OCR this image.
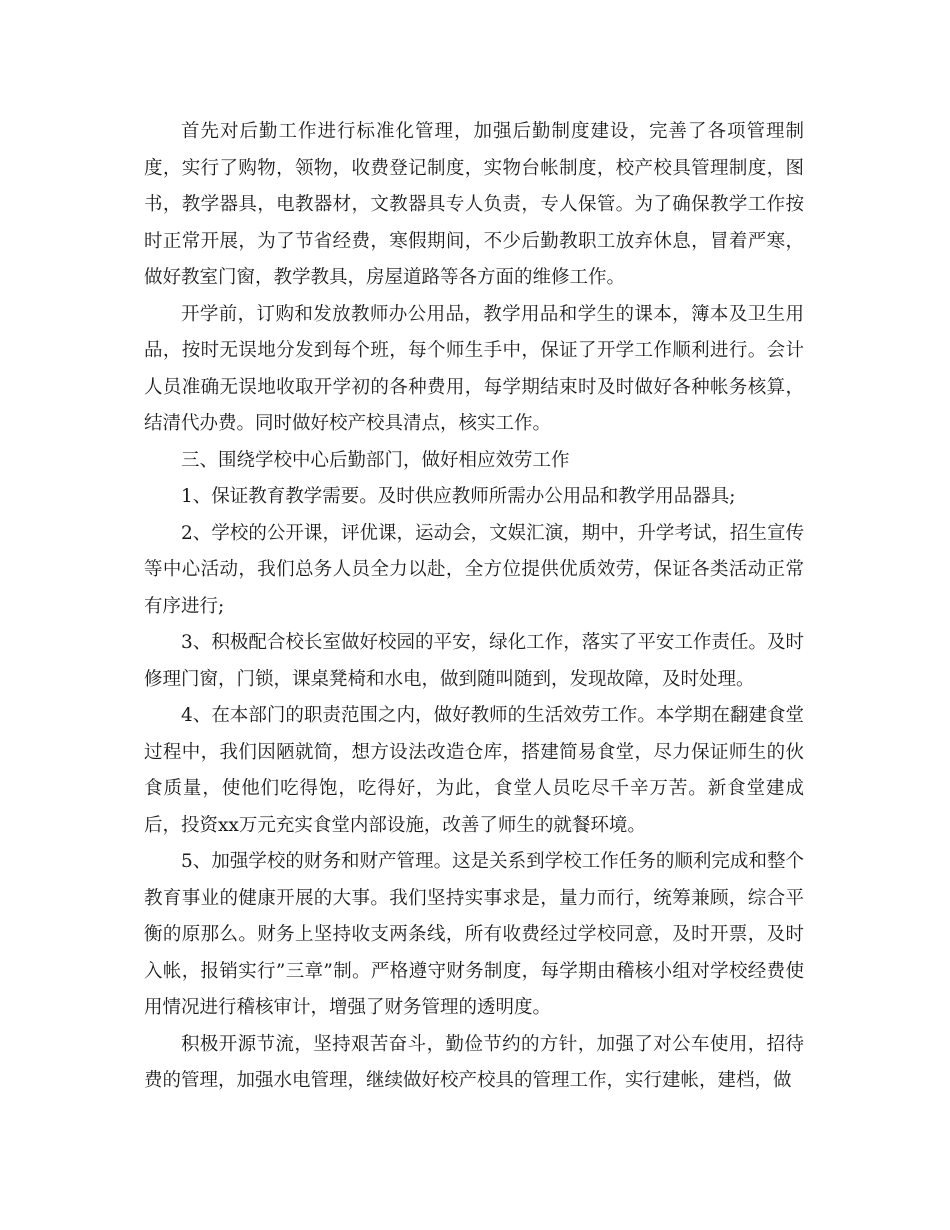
首先对后勤工作进行标准化管理，加强后勤制度建设，完善了各项管理制度，实行了购物，领物，收费登记制度，实物台帐制度，校产校具管理制度，图书，教学器具，电教器材，文教器具专人负责，专人保管。为了确保教学工作按时正常开展，为了节省经费，寒假期间，不少后勤教职工放弃休息，冒着严寒，做好教室门窗，教学教具，房屋道路等各方面的维修工作。

开学前，订购和发放教师办公用品，教学用品和学生的课本，簿本及卫生用品，按时无误地分发到每个班，每个师生手中，保证了开学工作顺利进行。会计人员准确无误地收取开学初的各种费用，每学期结束时及时做好各种帐务核算，结清代办费。同时做好校产校具清点，核实工作。

三、围绕学校中心后勤部门，做好相应效劳工作

1、保证教育教学需要。及时供应教师所需办公用品和教学用品器具;

2、学校的公开课，评优课，运动会，文娱汇演，期中，升学考试，招生宣传等中心活动，我们总务人员全力以赴，全方位提供优质效劳，保证各类活动正常有序进行;

3、积极配合校长室做好校园的平安，绿化工作，落实了平安工作责任。及时修理门窗，门锁，课桌凳椅和水电，做到随叫随到，发现故障，及时处理。

4、在本部门的职责范围之内，做好教师的生活效劳工作。本学期在翻建食堂过程中，我们因陋就简，想方设法改造仓库，搭建简易食堂，尽力保证师生的伙食质量，使他们吃得饱，吃得好，为此，食堂人员吃尽千辛万苦。新食堂建成后，投资xx万元充实食堂内部设施，改善了师生的就餐环境。

5、加强学校的财务和财产管理。这是关系到学校工作任务的顺利完成和整个教育事业的健康开展的大事。我们坚持实事求是，量力而行，统筹兼顾，综合平衡的原那么。财务上坚持收支两条线，所有收费经过学校同意，及时开票，及时入帐，报销实行”三章”制。严格遵守财务制度，每学期由稽核小组对学校经费使用情况进行稽核审计，增强了财务管理的透明度。

积极开源节流，坚持艰苦奋斗，勤俭节约的方针，加强了对公车使用，招待费的管理，加强水电管理，继续做好校产校具的管理工作，实行建帐，建档，做
